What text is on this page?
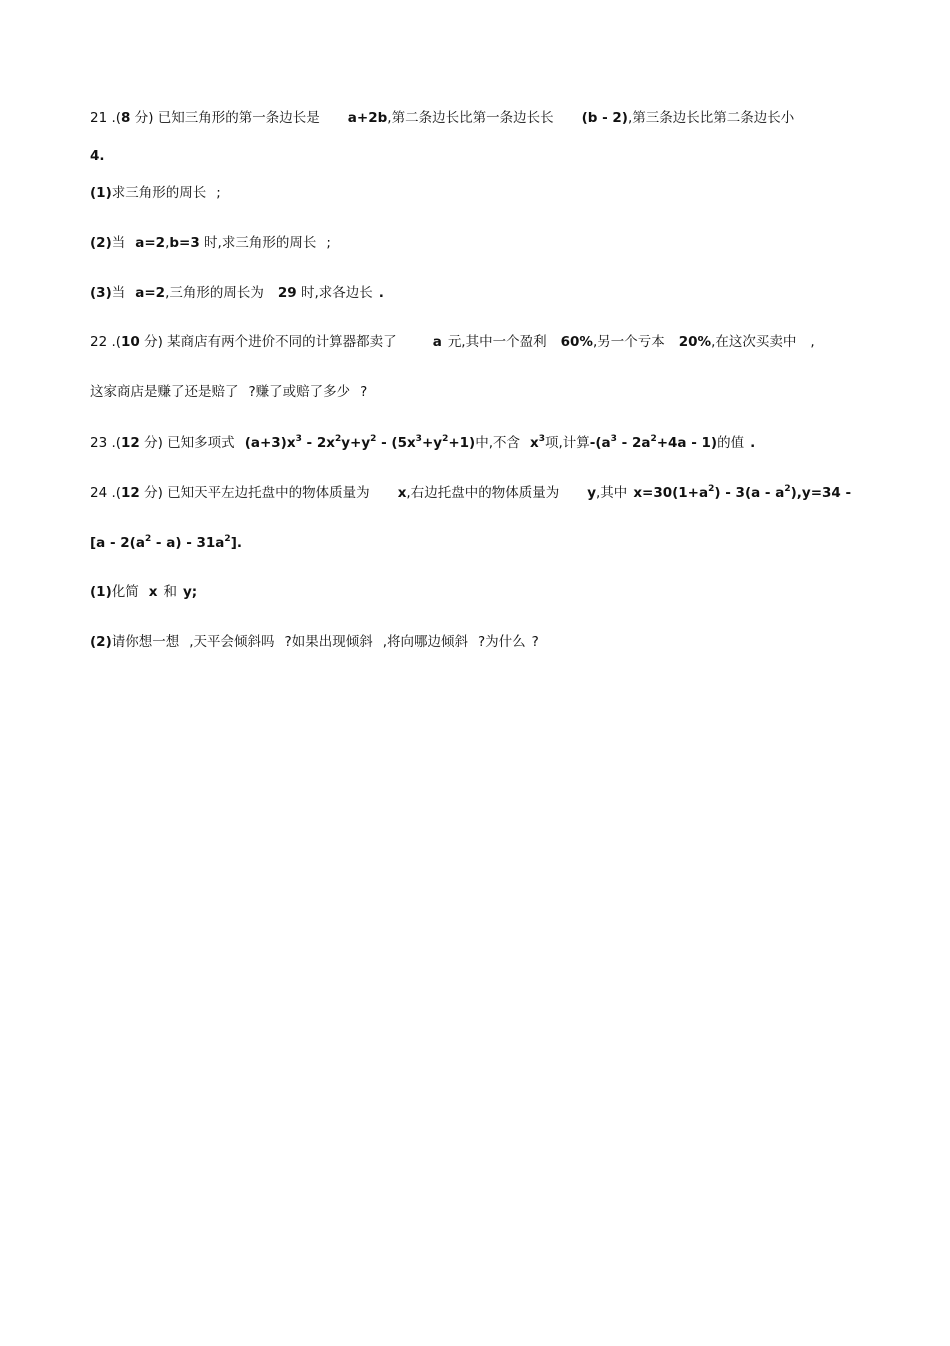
21 .(8 分) 已知三角形的第一条边长是 a+2b,第二条边长比第一条边长长 (b - 2),第三条边长比第二条边长小
4.
(1)求三角形的周长 ;
(2)当 a=2,b=3 时,求三角形的周长 ;
(3)当 a=2,三角形的周长为 29 时,求各边长 .
22 .(10 分) 某商店有两个进价不同的计算器都卖了	a 元,其中一个盈利 60%,另一个亏本 20%,在这次买卖中 ,
这家商店是赚了还是赔了 ?赚了或赔了多少 ?
23 .(12 分) 已知多项式 $(a+3)x^3 - 2x^2y+y^2 - (5x^3+y^2+1)$中,不含 $x^3$项,计算$-(a^3 - 2a^2+4a - 1)$的值 .
24 .(12 分) 已知天平左边托盘中的物体质量为 x,右边托盘中的物体质量为 y,其中 $x=30(1+a^2) - 3(a - a^2),y=34$ -
$[a - 2(a^2 - a) - 31a^2]$.
(1)化简 x 和 y;
(2)请你想一想 ,天平会倾斜吗 ?如果出现倾斜 ,将向哪边倾斜 ?为什么 ?
